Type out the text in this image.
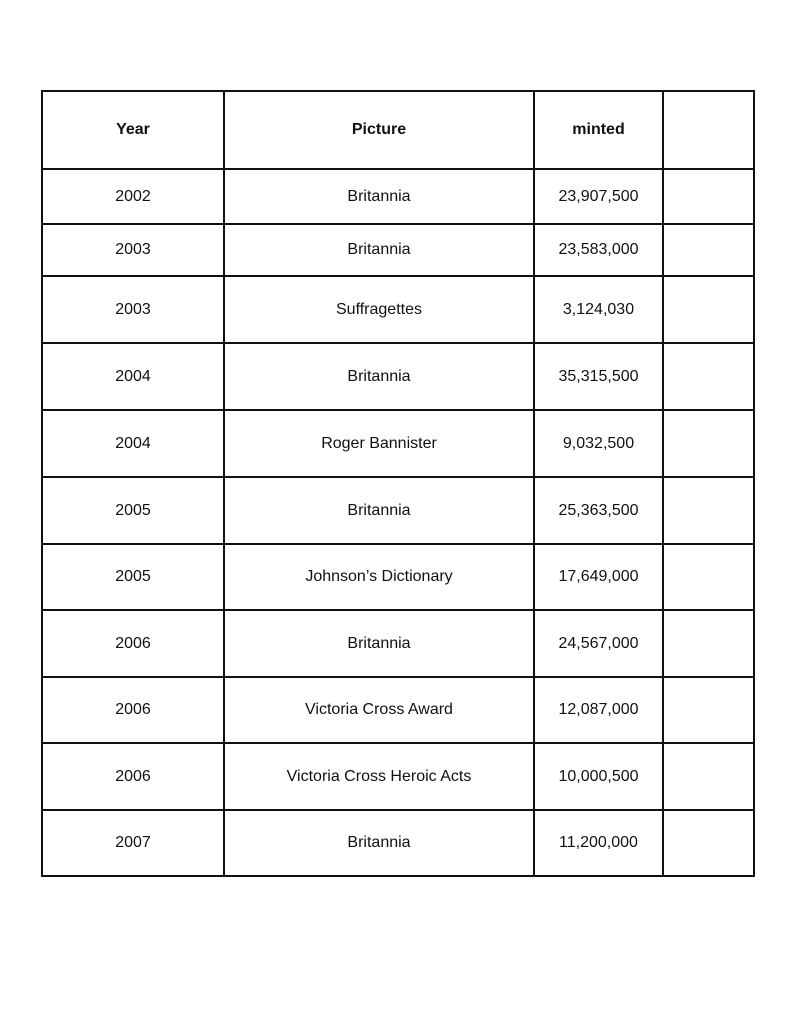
Year	Picture	minted	
2002	Britannia	23,907,500	
2003	Britannia	23,583,000	
2003	Suffragettes	3,124,030	
2004	Britannia	35,315,500	
2004	Roger Bannister	9,032,500	
2005	Britannia	25,363,500	
2005	Johnson’s Dictionary	17,649,000	
2006	Britannia	24,567,000	
2006	Victoria Cross Award	12,087,000	
2006	Victoria Cross Heroic Acts	10,000,500	
2007	Britannia	11,200,000	
